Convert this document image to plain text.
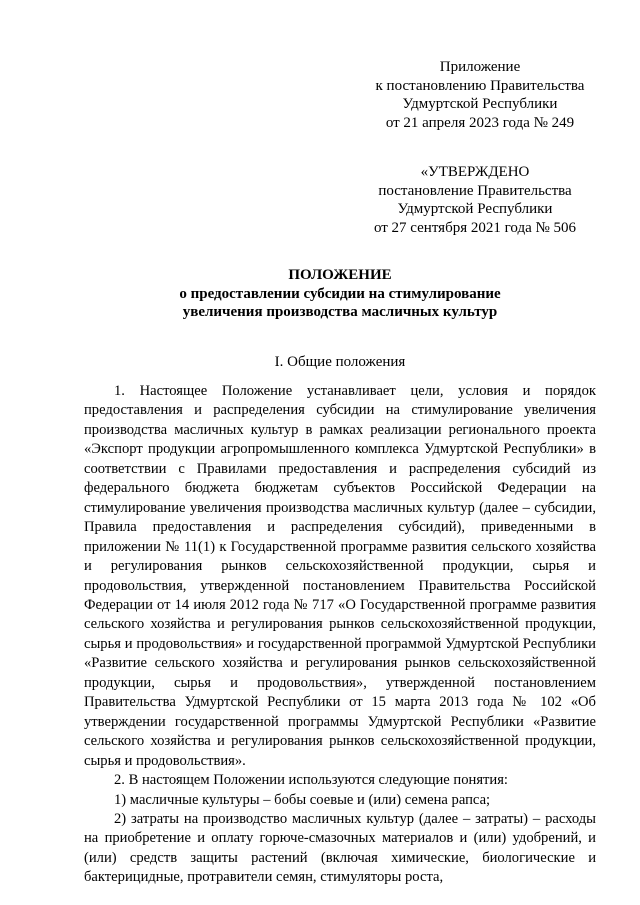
Приложение
к постановлению Правительства
Удмуртской Республики
от 21 апреля 2023 года № 249
«УТВЕРЖДЕНО
постановление Правительства
Удмуртской Республики
от 27 сентября 2021 года № 506
ПОЛОЖЕНИЕ
о предоставлении субсидии на стимулирование
увеличения производства масличных культур
I. Общие положения

1. Настоящее Положение устанавливает цели, условия и порядок предоставления и распределения субсидии на стимулирование увеличения производства масличных культур в рамках реализации регионального проекта «Экспорт продукции агропромышленного комплекса Удмуртской Республики» в соответствии с Правилами предоставления и распределения субсидий из федерального бюджета бюджетам субъектов Российской Федерации на стимулирование увеличения производства масличных культур (далее – субсидии, Правила предоставления и распределения субсидий), приведенными в приложении № 11(1) к Государственной программе развития сельского хозяйства и регулирования рынков сельскохозяйственной продукции, сырья и продовольствия, утвержденной постановлением Правительства Российской Федерации от 14 июля 2012 года № 717 «О Государственной программе развития сельского хозяйства и регулирования рынков сельскохозяйственной продукции, сырья и продовольствия» и государственной программой Удмуртской Республики «Развитие сельского хозяйства и регулирования рынков сельскохозяйственной продукции, сырья и продовольствия», утвержденной постановлением Правительства Удмуртской Республики от 15 марта 2013 года № 102 «Об утверждении государственной программы Удмуртской Республики «Развитие сельского хозяйства и регулирования рынков сельскохозяйственной продукции, сырья и продовольствия».

2. В настоящем Положении используются следующие понятия:

1) масличные культуры – бобы соевые и (или) семена рапса;

2) затраты на производство масличных культур (далее – затраты) – расходы на приобретение и оплату горюче-смазочных материалов и (или) удобрений, и (или) средств защиты растений (включая химические, биологические и бактерицидные, протравители семян, стимуляторы роста,
